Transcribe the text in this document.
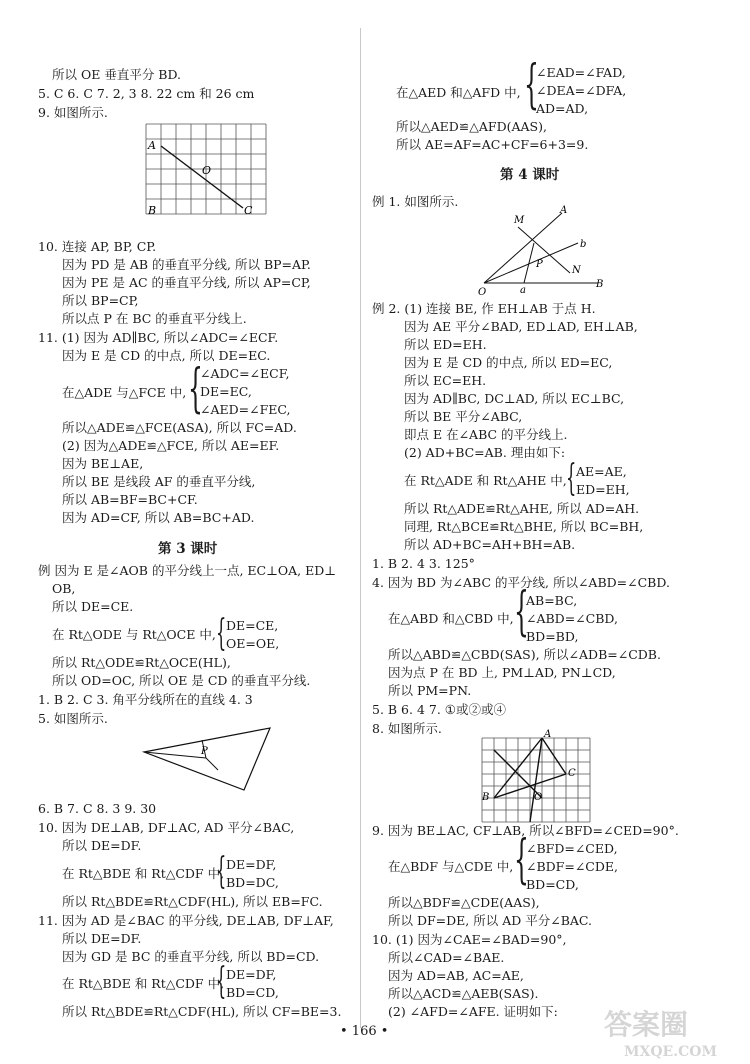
所以 OE 垂直平分 BD.
5. C 6. C 7. 2, 3 8. 22 cm 和 26 cm
9. 如图所示.
A
O
B	C
10. 连接 AP, BP, CP.
因为 PD 是 AB 的垂直平分线, 所以 BP=AP.
因为 PE 是 AC 的垂直平分线, 所以 AP=CP,
所以 BP=CP,
所以点 P 在 BC 的垂直平分线上.
11. (1) 因为 AD∥BC, 所以∠ADC=∠ECF.
因为 E 是 CD 的中点, 所以 DE=EC.
在△ADE 与△FCE 中, {
∠ADC=∠ECF,
DE=EC,
∠AED=∠FEC,
所以△ADE≌△FCE(ASA), 所以 FC=AD.
(2) 因为△ADE≌△FCE, 所以 AE=EF.
因为 BE⊥AE,
所以 BE 是线段 AF 的垂直平分线,
所以 AB=BF=BC+CF.
因为 AD=CF, 所以 AB=BC+AD.
第 3 课时
例 因为 E 是∠AOB 的平分线上一点, EC⊥OA, ED⊥
OB,
所以 DE=CE.
在 Rt△ODE 与 Rt△OCE 中, { DE=CE,
OE=OE,
所以 Rt△ODE≌Rt△OCE(HL),
所以 OD=OC, 所以 OE 是 CD 的垂直平分线.
1. B 2. C 3. 角平分线所在的直线 4. 3
5. 如图所示.
P
6. B 7. C 8. 3 9. 30
10. 因为 DE⊥AB, DF⊥AC, AD 平分∠BAC,
所以 DE=DF.
在 Rt△BDE 和 Rt△CDF 中,
{ DE=DF,
BD=DC,
所以 Rt△BDE≌Rt△CDF(HL), 所以 EB=FC.
11. 因为 AD 是∠BAC 的平分线, DE⊥AB, DF⊥AF,
所以 DE=DF.
因为 GD 是 BC 的垂直平分线, 所以 BD=CD.
在 Rt△BDE 和 Rt△CDF 中,
{ DE=DF,
BD=CD,
所以 Rt△BDE≌Rt△CDF(HL), 所以 CF=BE=3.
在△AED 和△AFD 中, {
∠EAD=∠FAD,
∠DEA=∠DFA,
AD=AD,
所以△AED≌△AFD(AAS),
所以 AE=AF=AC+CF=6+3=9.
第 4 课时
例 1. 如图所示.
M
A
b
P
N
O	a
B
例 2. (1) 连接 BE, 作 EH⊥AB 于点 H.
因为 AE 平分∠BAD, ED⊥AD, EH⊥AB,
所以 ED=EH.
因为 E 是 CD 的中点, 所以 ED=EC,
所以 EC=EH.
因为 AD∥BC, DC⊥AD, 所以 EC⊥BC,
所以 BE 平分∠ABC,
即点 E 在∠ABC 的平分线上.
(2) AD+BC=AB. 理由如下:
在 Rt△ADE 和 Rt△AHE 中, { AE=AE,
ED=EH,
所以 Rt△ADE≌Rt△AHE, 所以 AD=AH.
同理, Rt△BCE≌Rt△BHE, 所以 BC=BH,
所以 AD+BC=AH+BH=AB.
1. B 2. 4 3. 125°
4. 因为 BD 为∠ABC 的平分线, 所以∠ABD=∠CBD.
在△ABD 和△CBD 中, {
AB=BC,
∠ABD=∠CBD,
BD=BD,
所以△ABD≌△CBD(SAS), 所以∠ADB=∠CDB.
因为点 P 在 BD 上, PM⊥AD, PN⊥CD,
所以 PM=PN.
5. B 6. 4 7. ①或②或④
8. 如图所示.	A
C
B	O
9. 因为 BE⊥AC, CF⊥AB, 所以∠BFD=∠CED=90°.
在△BDF 与△CDE 中, {
∠BFD=∠CED,
∠BDF=∠CDE,
BD=CD,
所以△BDF≌△CDE(AAS),
所以 DF=DE, 所以 AD 平分∠BAC.
10. (1) 因为∠CAE=∠BAD=90°,
所以∠CAD=∠BAE.
因为 AD=AB, AC=AE,
所以△ACD≌△AEB(SAS).
(2) ∠AFD=∠AFE. 证明如下:
• 166 •	答案圈
MXQE.COM
